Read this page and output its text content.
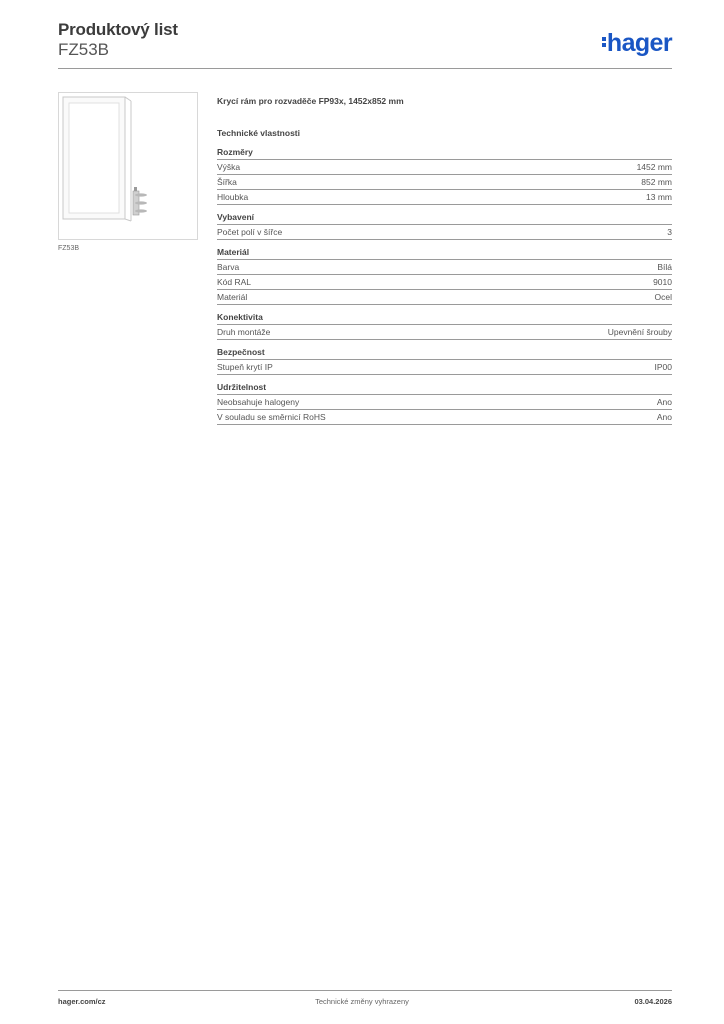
Produktový list
FZ53B	hager
FZ53B
Krycí rám pro rozvaděče FP93x, 1452x852 mm
Technické vlastnosti
Rozměry
Výška	1452 mm
Šířka	852 mm
Hloubka	13 mm
Vybavení
Počet polí v šířce	3
Materiál
Barva	Bílá
Kód RAL	9010
Materiál	Ocel
Konektivita
Druh montáže	Upevnění šrouby
Bezpečnost
Stupeň krytí IP	IP00
Udržitelnost
Neobsahuje halogeny	Ano
V souladu se směrnicí RoHS	Ano
hager.com/cz	Technické změny vyhrazeny	03.04.2026
